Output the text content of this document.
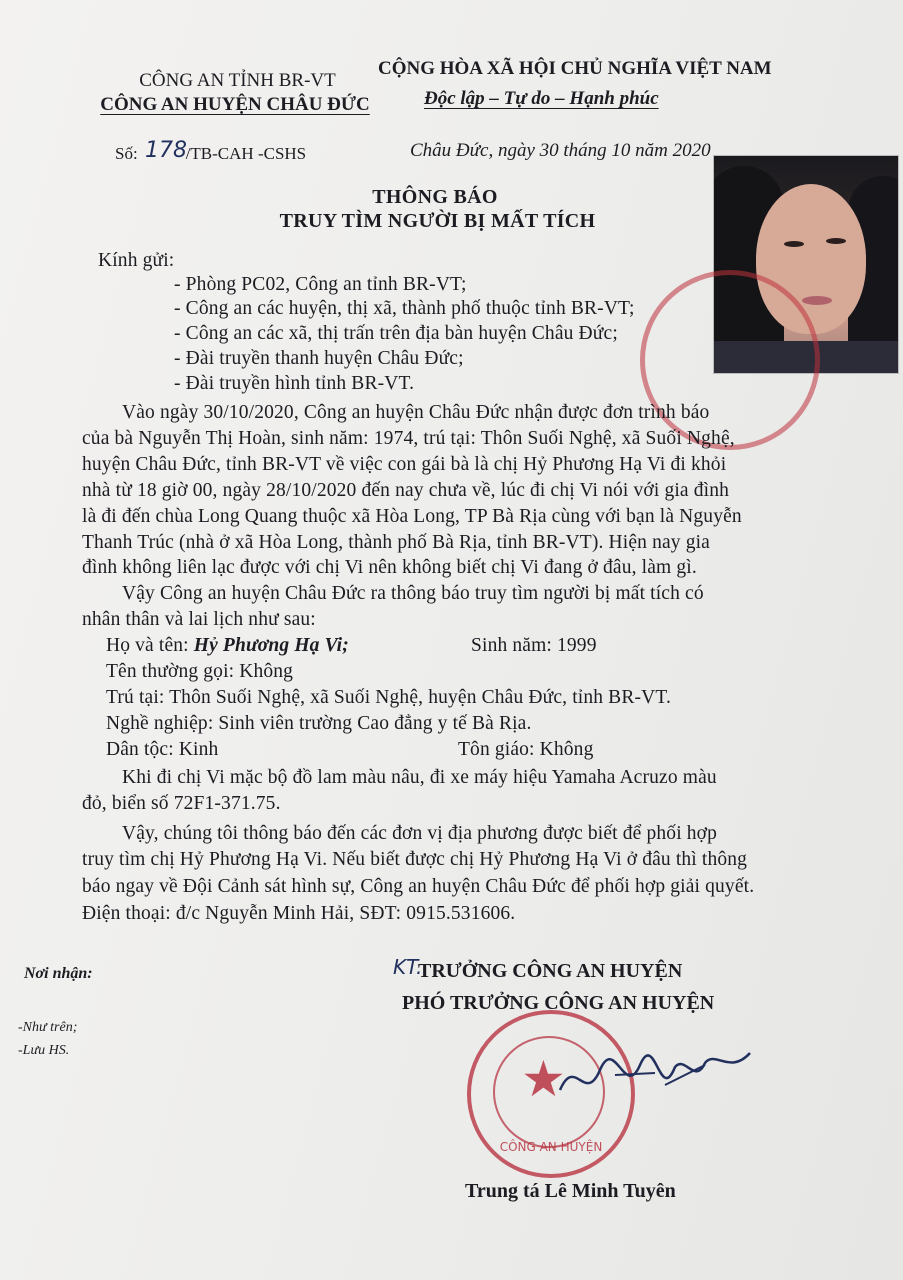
CÔNG AN TỈNH BR-VT
CÔNG AN HUYỆN CHÂU ĐỨC
CỘNG HÒA XÃ HỘI CHỦ NGHĨA VIỆT NAM
Độc lập – Tự do – Hạnh phúc
Số:	/TB-CAH -CSHS
178	Châu Đức, ngày 30 tháng 10 năm 2020
THÔNG BÁO
TRUY TÌM NGƯỜI BỊ MẤT TÍCH
Kính gửi:
- Phòng PC02, Công an tỉnh BR-VT;
- Công an các huyện, thị xã, thành phố thuộc tỉnh BR-VT;
- Công an các xã, thị trấn trên địa bàn huyện Châu Đức;
- Đài truyền thanh huyện Châu Đức;
- Đài truyền hình tỉnh BR-VT.
Vào ngày 30/10/2020, Công an huyện Châu Đức nhận được đơn trình báo
của bà Nguyễn Thị Hoàn, sinh năm: 1974, trú tại: Thôn Suối Nghệ, xã Suối Nghệ,
huyện Châu Đức, tỉnh BR-VT về việc con gái bà là chị Hỷ Phương Hạ Vi đi khỏi
nhà từ 18 giờ 00, ngày 28/10/2020 đến nay chưa về, lúc đi chị Vi nói với gia đình
là đi đến chùa Long Quang thuộc xã Hòa Long, TP Bà Rịa cùng với bạn là Nguyễn
Thanh Trúc (nhà ở xã Hòa Long, thành phố Bà Rịa, tỉnh BR-VT). Hiện nay gia
đình không liên lạc được với chị Vi nên không biết chị Vi đang ở đâu, làm gì.
Vậy Công an huyện Châu Đức ra thông báo truy tìm người bị mất tích có
nhân thân và lai lịch như sau:
Họ và tên: Hỷ Phương Hạ Vi;	Sinh năm: 1999
Tên thường gọi: Không
Trú tại: Thôn Suối Nghệ, xã Suối Nghệ, huyện Châu Đức, tỉnh BR-VT.
Nghề nghiệp: Sinh viên trường Cao đẳng y tế Bà Rịa.
Dân tộc: Kinh	Tôn giáo: Không
Khi đi chị Vi mặc bộ đồ lam màu nâu, đi xe máy hiệu Yamaha Acruzo màu
đỏ, biển số 72F1-371.75.
Vậy, chúng tôi thông báo đến các đơn vị địa phương được biết để phối hợp
truy tìm chị Hỷ Phương Hạ Vi. Nếu biết được chị Hỷ Phương Hạ Vi ở đâu thì thông
báo ngay về Đội Cảnh sát hình sự, Công an huyện Châu Đức để phối hợp giải quyết.
Điện thoại: đ/c Nguyễn Minh Hải, SĐT: 0915.531606.
Nơi nhận:
-Như trên;
-Lưu HS.
KT.
TRƯỞNG CÔNG AN HUYỆN
PHÓ TRƯỞNG CÔNG AN HUYỆN
★
CÔNG AN HUYỆN
Trung tá Lê Minh Tuyên
